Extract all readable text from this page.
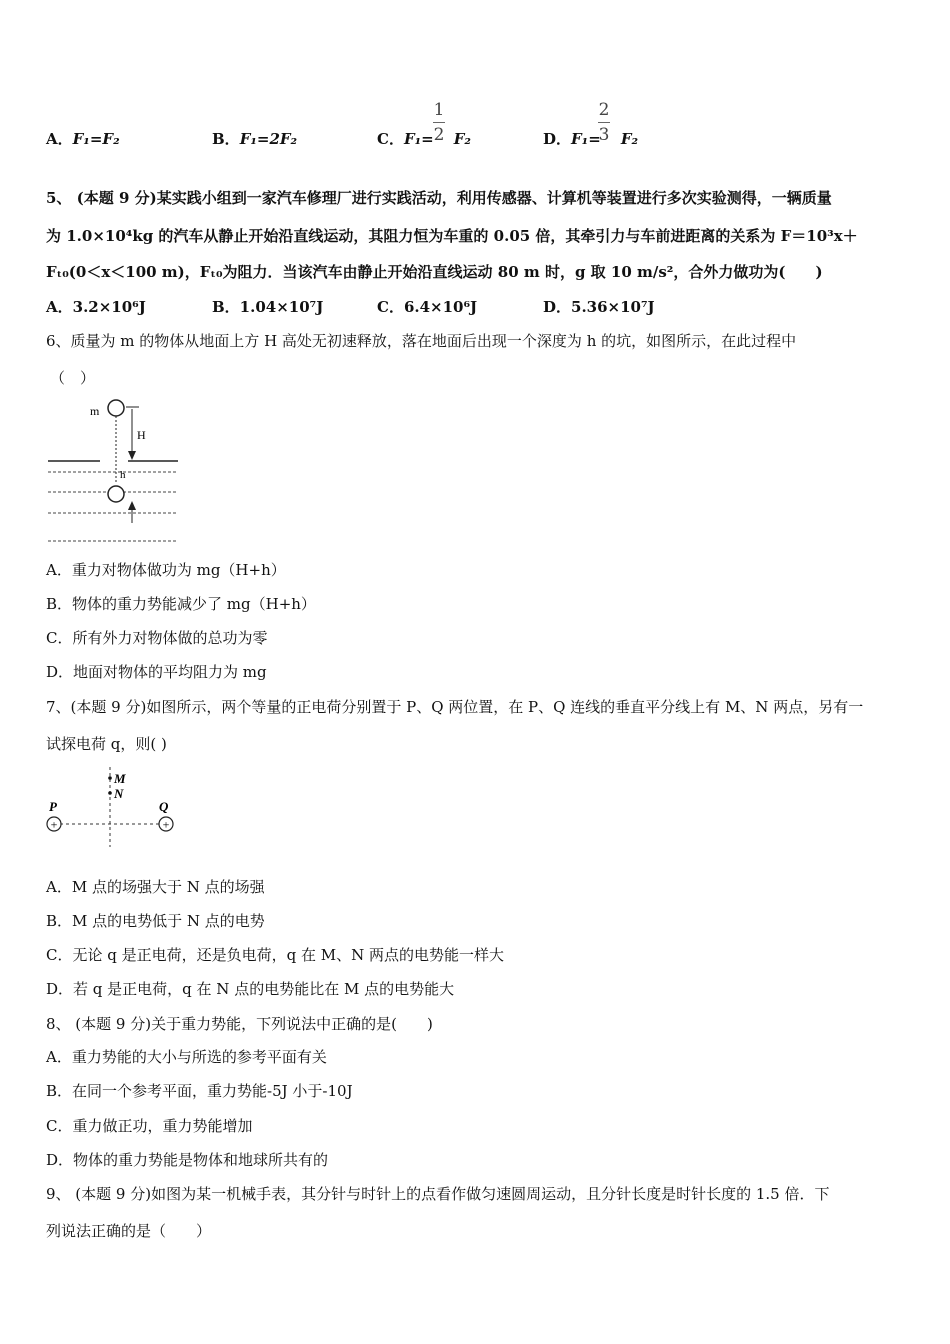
A．F₁=F₂	B．F₁=2F₂	C．F₁= F₂
1
2	D．F₁= F₂
2
3
5、 (本题 9 分)某实践小组到一家汽车修理厂进行实践活动，利用传感器、计算机等装置进行多次实验测得，一辆质量
为 1.0×10⁴kg 的汽车从静止开始沿直线运动，其阻力恒为车重的 0.05 倍，其牵引力与车前进距离的关系为 F＝10³x＋
Fₜ₀(0＜x＜100 m)，Fₜ₀为阻力．当该汽车由静止开始沿直线运动 80 m 时，g 取 10 m/s²，合外力做功为(　　)
A．3.2×10⁶J	B．1.04×10⁷J	C．6.4×10⁶J	D．5.36×10⁷J
6、质量为 m 的物体从地面上方 H 高处无初速释放，落在地面后出现一个深度为 h 的坑，如图所示，在此过程中
（　）
m
H
h
A．重力对物体做功为 mg（H+h）
B．物体的重力势能减少了 mg（H+h）
C．所有外力对物体做的总功为零
D．地面对物体的平均阻力为 mg
7、(本题 9 分)如图所示，两个等量的正电荷分别置于 P、Q 两位置，在 P、Q 连线的垂直平分线上有 M、N 两点，另有一
试探电荷 q，则( )
M
N
P	Q
+	+
A．M 点的场强大于 N 点的场强
B．M 点的电势低于 N 点的电势
C．无论 q 是正电荷，还是负电荷，q 在 M、N 两点的电势能一样大
D．若 q 是正电荷，q 在 N 点的电势能比在 M 点的电势能大
8、 (本题 9 分)关于重力势能，下列说法中正确的是(　　)
A．重力势能的大小与所选的参考平面有关
B．在同一个参考平面，重力势能-5J 小于-10J
C．重力做正功，重力势能增加
D．物体的重力势能是物体和地球所共有的
9、 (本题 9 分)如图为某一机械手表，其分针与时针上的点看作做匀速圆周运动，且分针长度是时针长度的 1.5 倍．下
列说法正确的是（　　）
